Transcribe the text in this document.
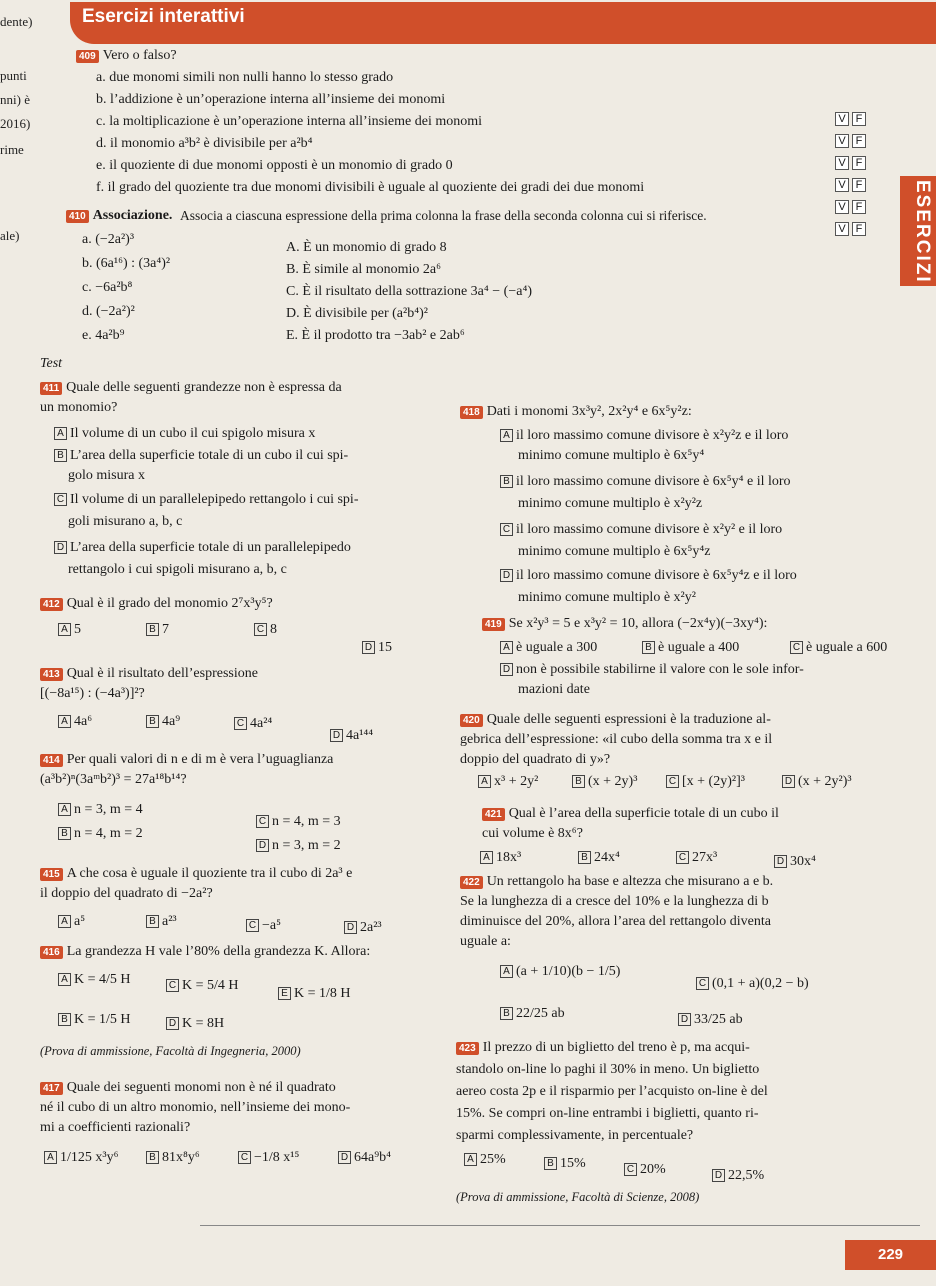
dente)
punti
nni) è
2016)
rime
ale)
Esercizi interattivi
ESERCIZI
409 Vero o falso?
a. due monomi simili non nulli hanno lo stesso grado
b. l’addizione è un’operazione interna all’insieme dei monomi
c. la moltiplicazione è un’operazione interna all’insieme dei monomi
d. il monomio a³b² è divisibile per a²b⁴
e. il quoziente di due monomi opposti è un monomio di grado 0
f. il grado del quoziente tra due monomi divisibili è uguale al quoziente dei gradi dei due monomi
V F
V F
V F
V F
V F
V F
410 Associazione. Associa a ciascuna espressione della prima colonna la frase della seconda colonna cui si riferisce.
a. (−2a²)³
b. (6a¹⁶) : (3a⁴)²
c. −6a²b⁸
d. (−2a²)²
e. 4a²b⁹
A. È un monomio di grado 8
B. È simile al monomio 2a⁶
C. È il risultato della sottrazione 3a⁴ − (−a⁴)
D. È divisibile per (a²b⁴)²
E. È il prodotto tra −3ab² e 2ab⁶
Test
411 Quale delle seguenti grandezze non è espressa da
un monomio?
A Il volume di un cubo il cui spigolo misura x
B L’area della superficie totale di un cubo il cui spi-
golo misura x
C Il volume di un parallelepipedo rettangolo i cui spi-
goli misurano a, b, c
D L’area della superficie totale di un parallelepipedo
rettangolo i cui spigoli misurano a, b, c
412 Qual è il grado del monomio 2⁷x³y⁵?
A 5	B 7	C 8
D 15
413 Qual è il risultato dell’espressione
[(−8a¹⁵) : (−4a³)]²?
A 4a⁶	B 4a⁹	C 4a²⁴
D 4a¹⁴⁴
414 Per quali valori di n e di m è vera l’uguaglianza
(a³b²)ⁿ(3aᵐb²)³ = 27a¹⁸b¹⁴?
A n = 3, m = 4
C n = 4, m = 3
B n = 4, m = 2
D n = 3, m = 2
415 A che cosa è uguale il quoziente tra il cubo di 2a³ e
il doppio del quadrato di −2a²?
A a⁵	B a²³	C −a⁵	D 2a²³
416 La grandezza H vale l’80% della grandezza K. Allora:
A K = 4/5 H	C K = 5/4 H
E K = 1/8 H
B K = 1/5 H	D K = 8H
(Prova di ammissione, Facoltà di Ingegneria, 2000)
417 Quale dei seguenti monomi non è né il quadrato
né il cubo di un altro monomio, nell’insieme dei mono-
mi a coefficienti razionali?
A 1/125 x³y⁶	B 81x⁸y⁶	C −1/8 x¹⁵	D 64a⁹b⁴
418 Dati i monomi 3x³y², 2x²y⁴ e 6x⁵y²z:
A il loro massimo comune divisore è x²y²z e il loro
minimo comune multiplo è 6x⁵y⁴
B il loro massimo comune divisore è 6x⁵y⁴ e il loro
minimo comune multiplo è x²y²z
C il loro massimo comune divisore è x²y² e il loro
minimo comune multiplo è 6x⁵y⁴z
D il loro massimo comune divisore è 6x⁵y⁴z e il loro
minimo comune multiplo è x²y²
419 Se x²y³ = 5 e x³y² = 10, allora (−2x⁴y)(−3xy⁴):
A è uguale a 300	B è uguale a 400	C è uguale a 600
D non è possibile stabilirne il valore con le sole infor-
mazioni date
420 Quale delle seguenti espressioni è la traduzione al-
gebrica dell’espressione: «il cubo della somma tra x e il
doppio del quadrato di y»?
A x³ + 2y²	B (x + 2y)³	C [x + (2y)²]³	D (x + 2y²)³
421 Qual è l’area della superficie totale di un cubo il
cui volume è 8x⁶?
A 18x³	B 24x⁴	C 27x³	D 30x⁴
422 Un rettangolo ha base e altezza che misurano a e b.
Se la lunghezza di a cresce del 10% e la lunghezza di b
diminuisce del 20%, allora l’area del rettangolo diventa
uguale a:
A (a + 1/10)(b − 1/5)
C (0,1 + a)(0,2 − b)
B 22/25 ab	D 33/25 ab
423 Il prezzo di un biglietto del treno è p, ma acqui-
standolo on-line lo paghi il 30% in meno. Un biglietto
aereo costa 2p e il risparmio per l’acquisto on-line è del
15%. Se compri on-line entrambi i biglietti, quanto ri-
sparmi complessivamente, in percentuale?
A 25%	B 15%	C 20%	D 22,5%
(Prova di ammissione, Facoltà di Scienze, 2008)
229
